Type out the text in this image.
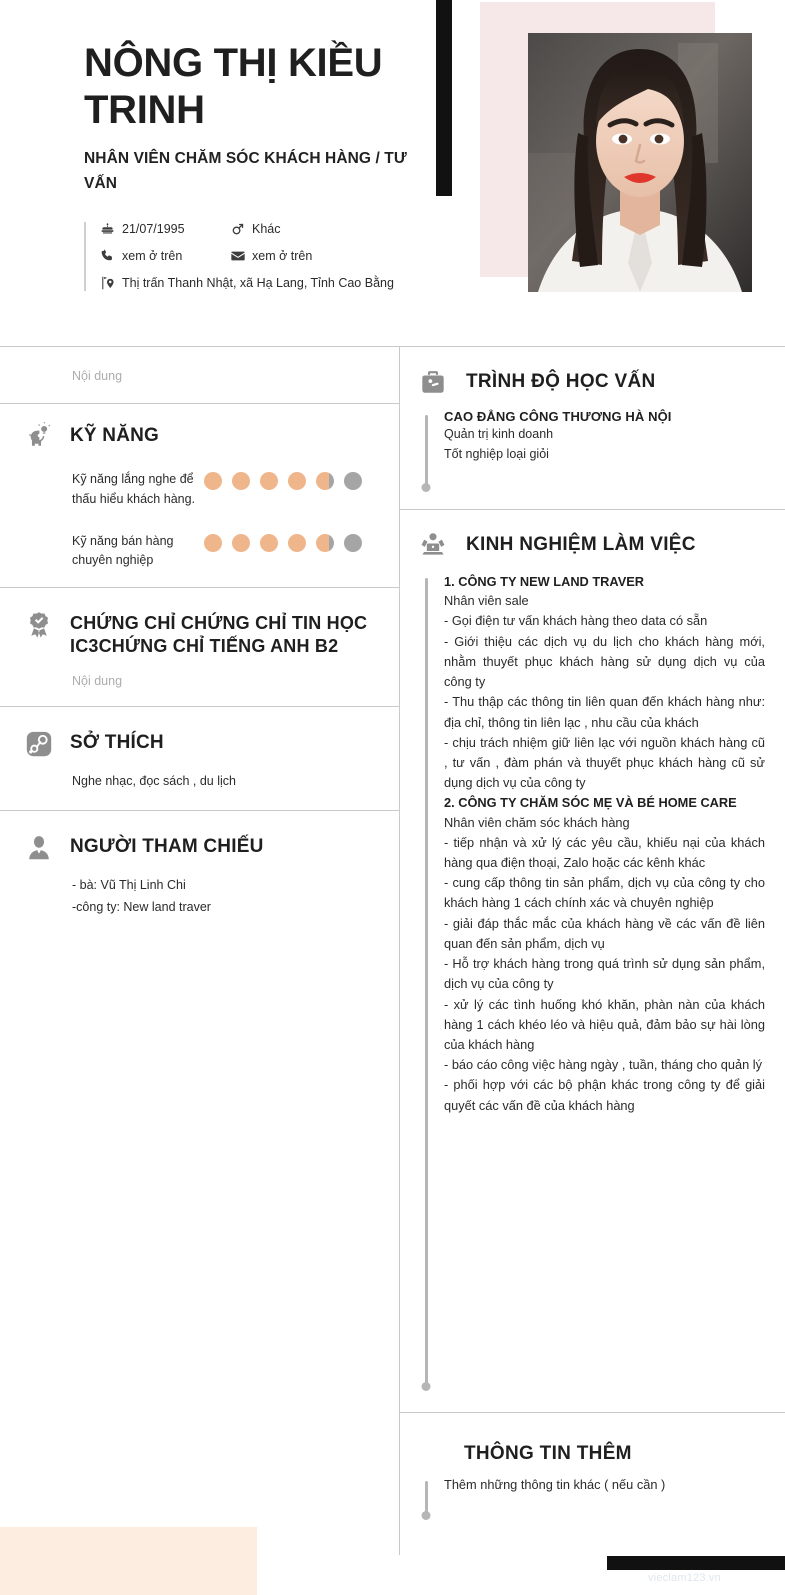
NÔNG THỊ KIỀU TRINH
NHÂN VIÊN CHĂM SÓC KHÁCH HÀNG / TƯ VẤN
21/07/1995	Khác
xem ở trên	xem ở trên
Thị trấn Thanh Nhật, xã Hạ Lang, Tỉnh Cao Bằng
Nội dung
KỸ NĂNG
Kỹ năng lắng nghe để thấu hiểu khách hàng.
Kỹ năng bán hàng chuyên nghiệp
CHỨNG CHỈ CHỨNG CHỈ TIN HỌC IC3CHỨNG CHỈ TIẾNG ANH B2
Nội dung
SỞ THÍCH
Nghe nhạc, đọc sách , du lịch
NGƯỜI THAM CHIẾU
- bà: Vũ Thị Linh Chi
-công ty: New land traver
TRÌNH ĐỘ HỌC VẤN
CAO ĐẲNG CÔNG THƯƠNG HÀ NỘI
Quản trị kinh doanh
Tốt nghiệp loại giỏi
KINH NGHIỆM LÀM VIỆC
1. CÔNG TY NEW LAND TRAVER
Nhân viên sale
- Gọi điện tư vấn khách hàng theo data có sẵn
- Giới thiệu các dịch vụ du lịch cho khách hàng mới, nhằm thuyết phục khách hàng sử dụng dịch vụ của công ty
- Thu thập các thông tin liên quan đến khách hàng như: địa chỉ, thông tin liên lạc , nhu cầu của khách
- chịu trách nhiệm giữ liên lạc với nguồn khách hàng cũ , tư vấn , đàm phán và thuyết phục khách hàng cũ sử dụng dịch vụ của công ty
2. CÔNG TY CHĂM SÓC MẸ VÀ BÉ HOME CARE
Nhân viên chăm sóc khách hàng
- tiếp nhận và xử lý các yêu cầu, khiếu nại của khách hàng qua điện thoại, Zalo hoặc các kênh khác
- cung cấp thông tin sản phẩm, dịch vụ của công ty cho khách hàng 1 cách chính xác và chuyên nghiệp
- giải đáp thắc mắc của khách hàng về các vấn đề liên quan đến sản phẩm, dịch vụ
- Hỗ trợ khách hàng trong quá trình sử dụng sản phẩm, dịch vụ của công ty
- xử lý các tình huống khó khăn, phàn nàn của khách hàng 1 cách khéo léo và hiệu quả, đảm bảo sự hài lòng của khách hàng
- báo cáo công việc hàng ngày , tuần, tháng cho quản lý
- phối hợp với các bộ phận khác trong công ty để giải quyết các vấn đề của khách hàng
THÔNG TIN THÊM
Thêm những thông tin khác ( nếu cần )
vieclam123.vn
